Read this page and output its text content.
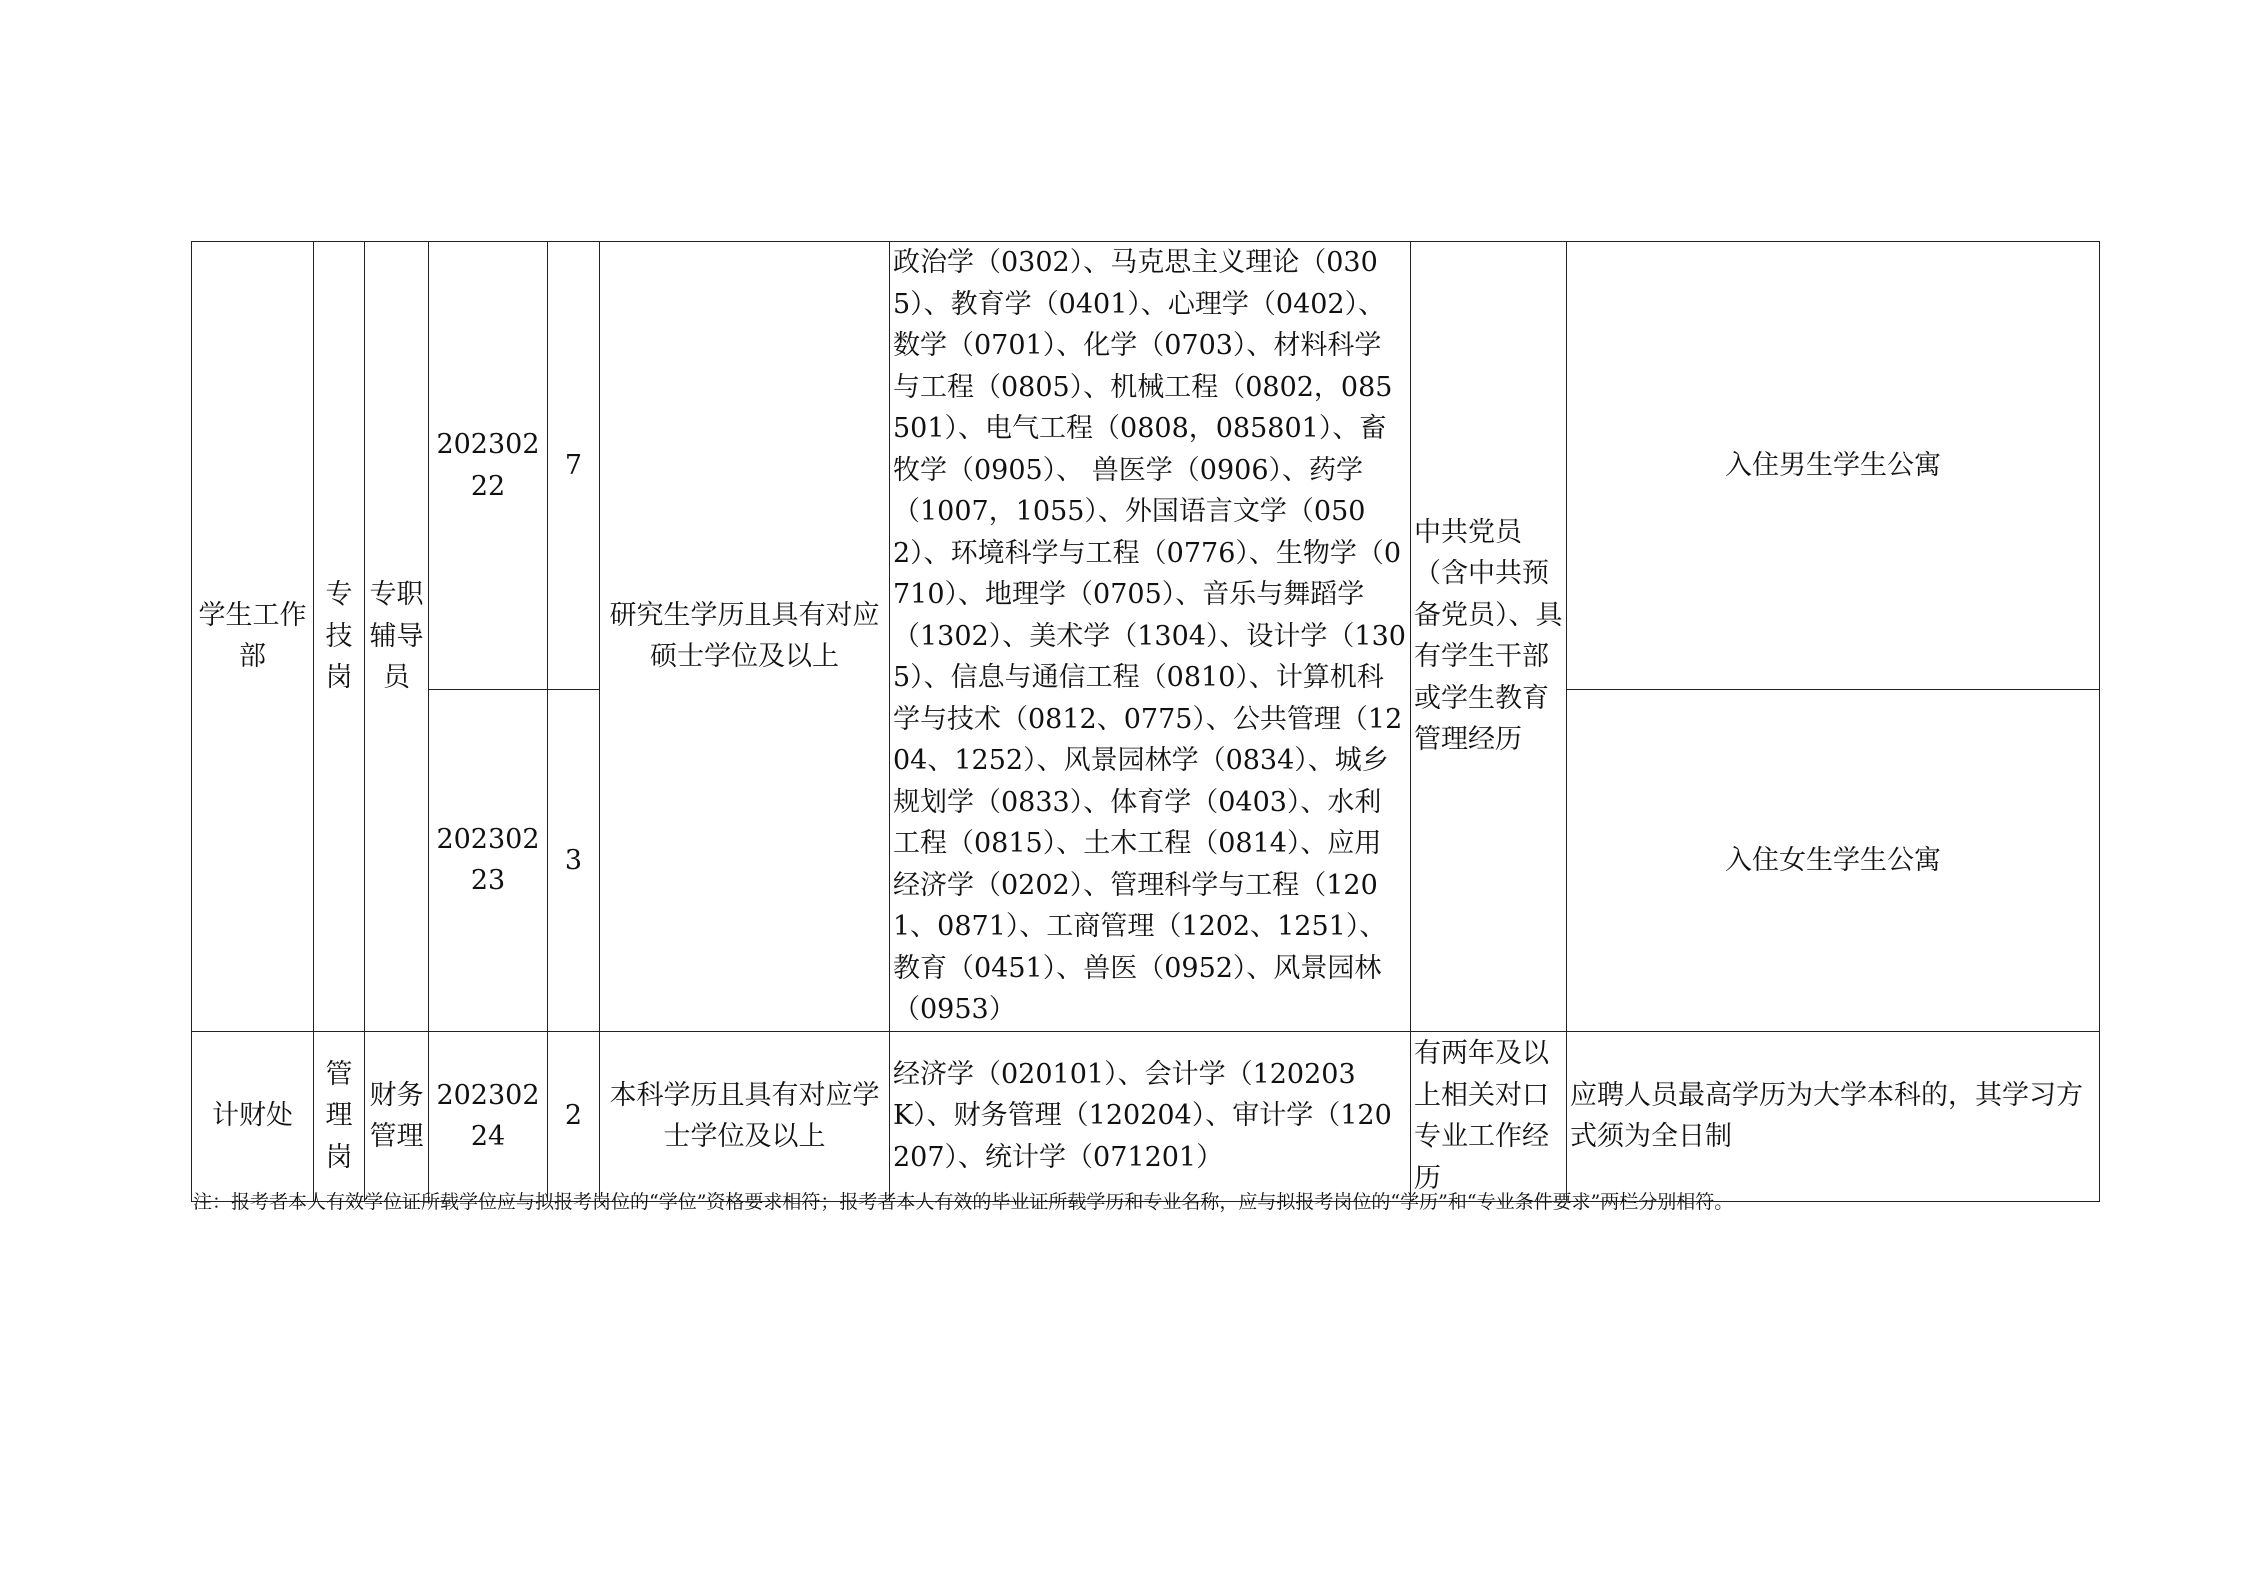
学生工作部	专技岗	专职辅导员	20230222	7	研究生学历且具有对应硕士学位及以上	政治学（0302）、马克思主义理论（0305）、教育学（0401）、心理学（0402）、数学（0701）、化学（0703）、材料科学与工程（0805）、机械工程（0802，085501）、电气工程（0808，085801）、畜牧学（0905）、 兽医学（0906）、药学（1007，1055）、外国语言文学（0502）、环境科学与工程（0776）、生物学（0710）、地理学（0705）、音乐与舞蹈学（1302）、美术学（1304）、设计学（1305）、信息与通信工程（0810）、计算机科学与技术（0812、0775）、公共管理（1204、1252）、风景园林学（0834）、城乡规划学（0833）、体育学（0403）、水利工程（0815）、土木工程（0814）、应用经济学（0202）、管理科学与工程（1201、0871）、工商管理（1202、1251）、教育（0451）、兽医（0952）、风景园林（0953）	中共党员（含中共预备党员）、具有学生干部或学生教育管理经历	入住男生学生公寓
			20230223	3				入住女生学生公寓
计财处	管理岗	财务管理	20230224	2	本科学历且具有对应学士学位及以上	经济学（020101）、会计学（120203K）、财务管理（120204）、审计学（120207）、统计学（071201）	有两年及以上相关对口专业工作经历	应聘人员最高学历为大学本科的，其学习方式须为全日制
注：报考者本人有效学位证所载学位应与拟报考岗位的“学位”资格要求相符；报考者本人有效的毕业证所载学历和专业名称，应与拟报考岗位的“学历”和“专业条件要求”两栏分别相符。
